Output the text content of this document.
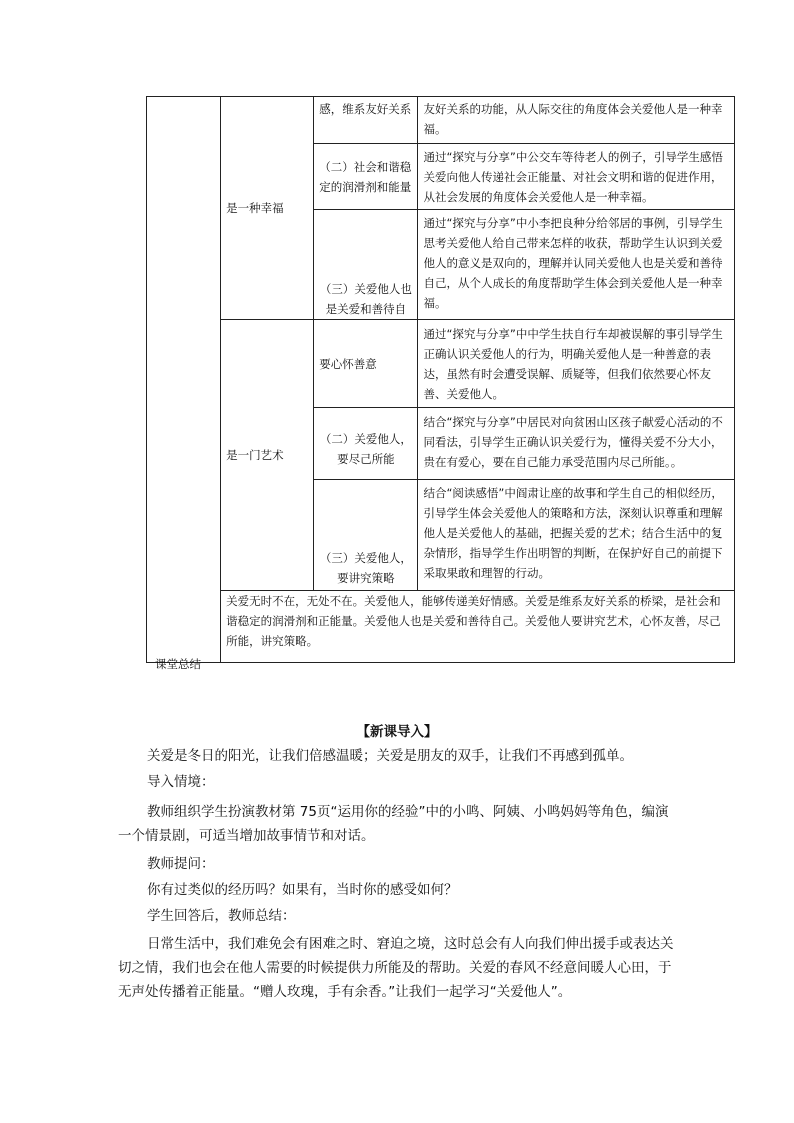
	是一种幸福	感，维系友好关系	友好关系的功能，从人际交往的角度体会关爱他人是一种幸福。
		（二）社会和谐稳定的润滑剂和能量	通过“探究与分享”中公交车等待老人的例子，引导学生感悟关爱向他人传递社会正能量、对社会文明和谐的促进作用，从社会发展的角度体会关爱他人是一种幸福。

		（三）关爱他人也是关爱和善待自	通过“探究与分享”中小李把良种分给邻居的事例，引导学生思考关爱他人给自己带来怎样的收获，帮助学生认识到关爱他人的意义是双向的，理解并认同关爱他人也是关爱和善待自己，从个人成长的角度帮助学生体会到关爱他人是一种幸福。

	是一门艺术	要心怀善意	通过“探究与分享”中中学生扶自行车却被误解的事引导学生正确认识关爱他人的行为，明确关爱他人是一种善意的表达，虽然有时会遭受误解、质疑等，但我们依然要心怀友善、关爱他人。

		（二）关爱他人，要尽己所能	结合“探究与分享”中居民对向贫困山区孩子献爱心活动的不同看法，引导学生正确认识关爱行为，懂得关爱不分大小，贵在有爱心，要在自己能力承受范围内尽己所能。。

		（三）关爱他人，要讲究策略	结合“阅读感悟”中阎肃让座的故事和学生自己的相似经历，引导学生体会关爱他人的策略和方法，深刻认识尊重和理解他人是关爱他人的基础，把握关爱的艺术；结合生活中的复杂情形，指导学生作出明智的判断，在保护好自己的前提下采取果敢和理智的行动。

	关爱无时不在，无处不在。关爱他人，能够传递美好情感。关爱是维系友好关系的桥梁，是社会和谐稳定的润滑剂和正能量。关爱他人也是关爱和善待自己。关爱他人要讲究艺术，心怀友善，尽己所能，讲究策略。		
课堂总结
【新课导入】
关爱是冬日的阳光，让我们倍感温暖；关爱是朋友的双手，让我们不再感到孤单。
导入情境：
教师组织学生扮演教材第 75页“运用你的经验”中的小鸣、阿姨、小鸣妈妈等角色，编演一个情景剧，可适当增加故事情节和对话。
教师提问：
你有过类似的经历吗？如果有，当时你的感受如何？
学生回答后，教师总结：
日常生活中，我们难免会有困难之时、窘迫之境，这时总会有人向我们伸出援手或表达关切之情，我们也会在他人需要的时候提供力所能及的帮助。关爱的春风不经意间暖人心田，于无声处传播着正能量。“赠人玫瑰，手有余香。”让我们一起学习“关爱他人”。
